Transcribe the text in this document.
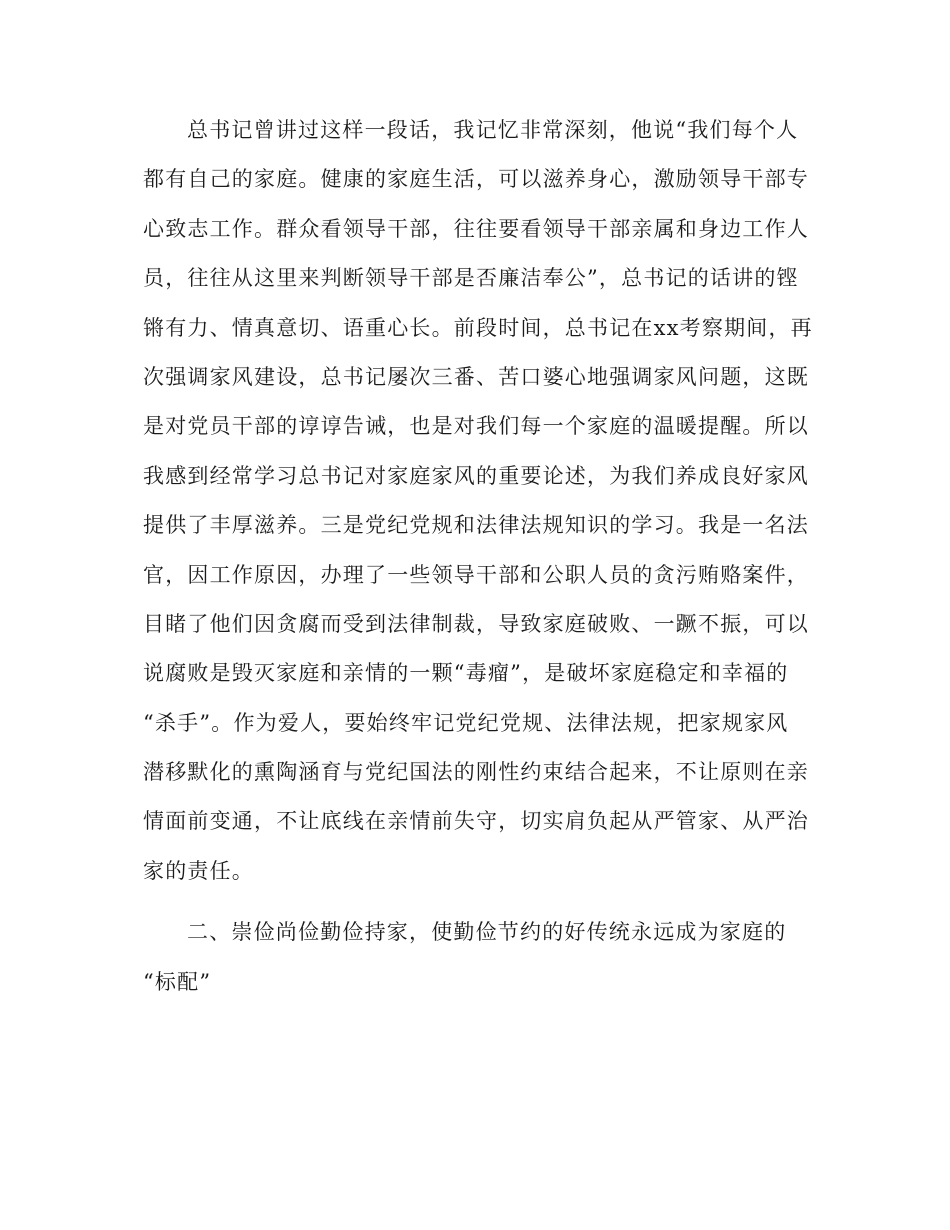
总书记曾讲过这样一段话，我记忆非常深刻，他说“我们每个人
都有自己的家庭。健康的家庭生活，可以滋养身心，激励领导干部专
心致志工作。群众看领导干部，往往要看领导干部亲属和身边工作人
员，往往从这里来判断领导干部是否廉洁奉公”，总书记的话讲的铿
锵有力、情真意切、语重心长。前段时间，总书记在xx考察期间，再
次强调家风建设，总书记屡次三番、苦口婆心地强调家风问题，这既
是对党员干部的谆谆告诫，也是对我们每一个家庭的温暖提醒。所以
我感到经常学习总书记对家庭家风的重要论述，为我们养成良好家风
提供了丰厚滋养。三是党纪党规和法律法规知识的学习。我是一名法
官，因工作原因，办理了一些领导干部和公职人员的贪污贿赂案件，
目睹了他们因贪腐而受到法律制裁，导致家庭破败、一蹶不振，可以
说腐败是毁灭家庭和亲情的一颗“毒瘤”，是破坏家庭稳定和幸福的
“杀手”。作为爱人，要始终牢记党纪党规、法律法规，把家规家风
潜移默化的熏陶涵育与党纪国法的刚性约束结合起来，不让原则在亲
情面前变通，不让底线在亲情前失守，切实肩负起从严管家、从严治
家的责任。
二、崇俭尚俭勤俭持家，使勤俭节约的好传统永远成为家庭的
“标配”
